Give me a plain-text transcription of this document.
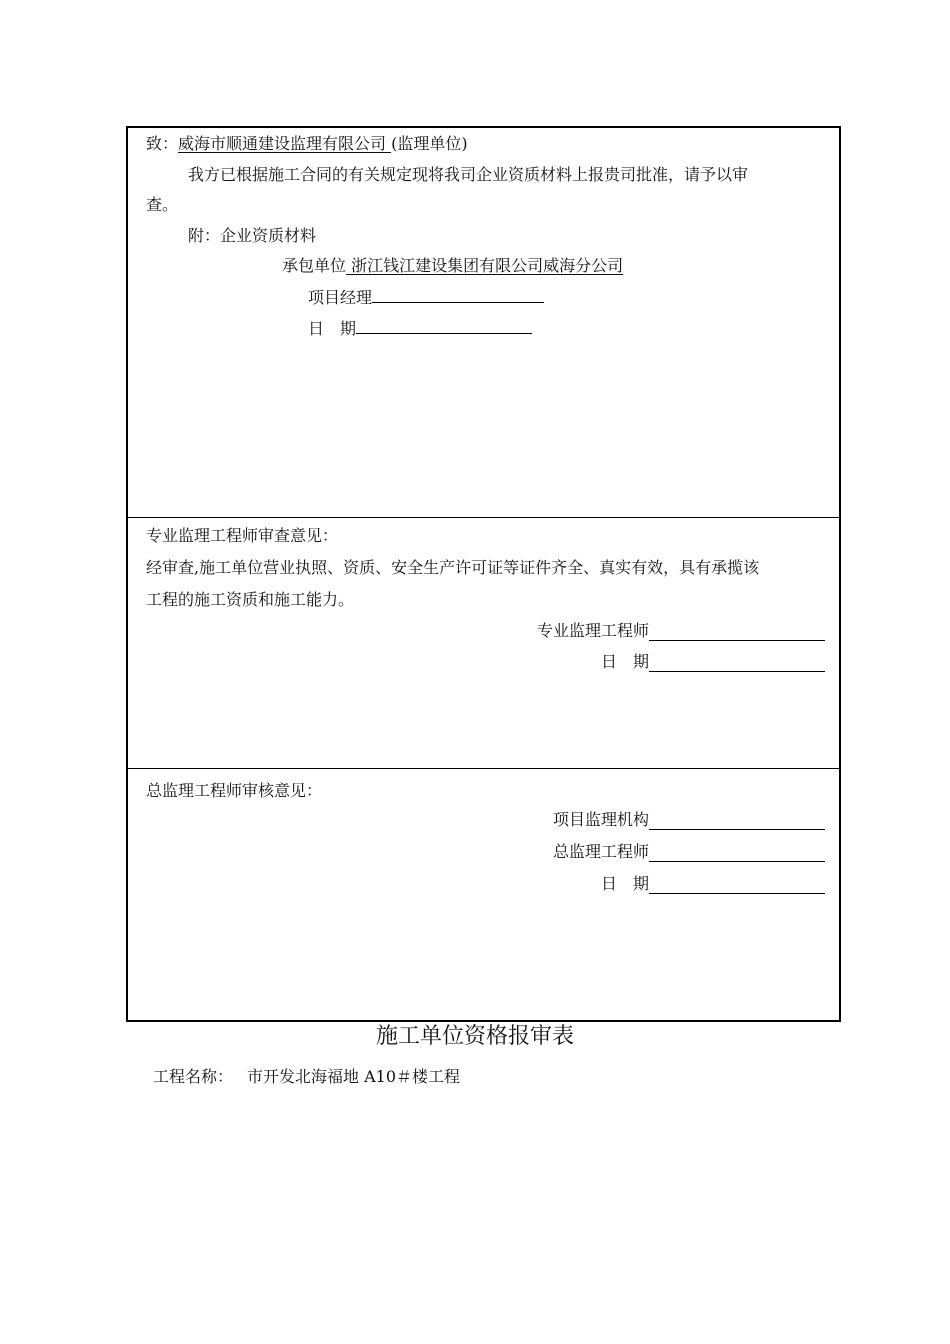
致：威海市顺通建设监理有限公司 (监理单位)
我方已根据施工合同的有关规定现将我司企业资质材料上报贵司批准，请予以审
查。
附：企业资质材料
承包单位 浙江钱江建设集团有限公司威海分公司
项目经理
日　期
专业监理工程师审查意见：
经审查,施工单位营业执照、资质、安全生产许可证等证件齐全、真实有效，具有承揽该
工程的施工资质和施工能力。
专业监理工程师
日　期
总监理工程师审核意见：
项目监理机构
总监理工程师
日　期
施工单位资格报审表
工程名称： 市开发北海福地 A10＃楼工程
